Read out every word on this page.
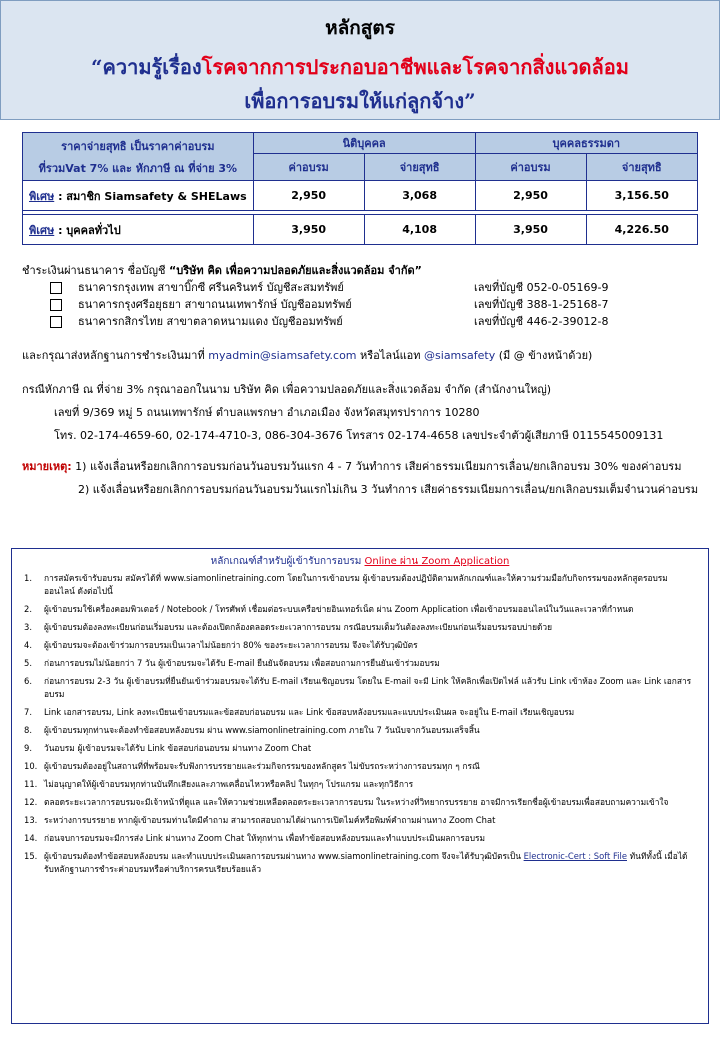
หลักสูตร
“ความรู้เรื่องโรคจากการประกอบอาชีพและโรคจากสิ่งแวดล้อม
เพื่อการอบรมให้แก่ลูกจ้าง”
ราคาจ่ายสุทธิ เป็นราคาค่าอบรม
ที่รวมVat 7% และ หักภาษี ณ ที่จ่าย 3%	นิติบุคคล		บุคคลธรรมดา	
	ค่าอบรม	จ่ายสุทธิ	ค่าอบรม	จ่ายสุทธิ
พิเศษ : สมาชิก Siamsafety & SHELaws	2,950	3,068	2,950	3,156.50

พิเศษ : บุคคลทั่วไป	3,950	4,108	3,950	4,226.50
ชำระเงินผ่านธนาคาร ชื่อบัญชี “บริษัท คิด เพื่อความปลอดภัยและสิ่งแวดล้อม จำกัด”
ธนาคารกรุงเทพ สาขาบิ๊กซี ศรีนครินทร์ บัญชีสะสมทรัพย์	เลขที่บัญชี 052-0-05169-9
ธนาคารกรุงศรีอยุธยา สาขาถนนเทพารักษ์ บัญชีออมทรัพย์	เลขที่บัญชี 388-1-25168-7
ธนาคารกสิกรไทย สาขาตลาดหนามแดง บัญชีออมทรัพย์	เลขที่บัญชี 446-2-39012-8
และกรุณาส่งหลักฐานการชำระเงินมาที่ myadmin@siamsafety.com หรือไลน์แอท @siamsafety (มี @ ข้างหน้าด้วย)
กรณีหักภาษี ณ ที่จ่าย 3% กรุณาออกในนาม บริษัท คิด เพื่อความปลอดภัยและสิ่งแวดล้อม จำกัด (สำนักงานใหญ่)
เลขที่ 9/369 หมู่ 5 ถนนเทพารักษ์ ตำบลแพรกษา อำเภอเมือง จังหวัดสมุทรปราการ 10280
โทร. 02-174-4659-60, 02-174-4710-3, 086-304-3676 โทรสาร 02-174-4658 เลขประจำตัวผู้เสียภาษี 0115545009131
หมายเหตุ: 1) แจ้งเลื่อนหรือยกเลิกการอบรมก่อนวันอบรมวันแรก 4 - 7 วันทำการ เสียค่าธรรมเนียมการเลื่อน/ยกเลิกอบรม 30% ของค่าอบรม
2) แจ้งเลื่อนหรือยกเลิกการอบรมก่อนวันอบรมวันแรกไม่เกิน 3 วันทำการ เสียค่าธรรมเนียมการเลื่อน/ยกเลิกอบรมเต็มจำนวนค่าอบรม
หลักเกณฑ์สำหรับผู้เข้ารับการอบรม Online ผ่าน Zoom Application
1.	การสมัครเข้ารับอบรม สมัครได้ที่ www.siamonlinetraining.com โดยในการเข้าอบรม ผู้เข้าอบรมต้องปฏิบัติตามหลักเกณฑ์และให้ความร่วมมือกับกิจกรรมของหลักสูตรอบรมออนไลน์ ดังต่อไปนี้
2.	ผู้เข้าอบรมใช้เครื่องคอมพิวเตอร์ / Notebook / โทรศัพท์ เชื่อมต่อระบบเครือข่ายอินเทอร์เน็ต ผ่าน Zoom Application เพื่อเข้าอบรมออนไลน์ในวันและเวลาที่กำหนด
3.	ผู้เข้าอบรมต้องลงทะเบียนก่อนเริ่มอบรม และต้องเปิดกล้องตลอดระยะเวลาการอบรม กรณีอบรมเต็มวันต้องลงทะเบียนก่อนเริ่มอบรมรอบบ่ายด้วย
4.	ผู้เข้าอบรมจะต้องเข้าร่วมการอบรมเป็นเวลาไม่น้อยกว่า 80% ของระยะเวลาการอบรม จึงจะได้รับวุฒิบัตร
5.	ก่อนการอบรมไม่น้อยกว่า 7 วัน ผู้เข้าอบรมจะได้รับ E-mail ยืนยันจัดอบรม เพื่อสอบถามการยืนยันเข้าร่วมอบรม
6.	ก่อนการอบรม 2-3 วัน ผู้เข้าอบรมที่ยืนยันเข้าร่วมอบรมจะได้รับ E-mail เรียนเชิญอบรม โดยใน E-mail จะมี Link ให้คลิกเพื่อเปิดไฟล์ แล้วรับ Link เข้าห้อง Zoom และ Link เอกสารอบรม
7.	Link เอกสารอบรม, Link ลงทะเบียนเข้าอบรมและข้อสอบก่อนอบรม และ Link ข้อสอบหลังอบรมและแบบประเมินผล จะอยู่ใน E-mail เรียนเชิญอบรม
8.	ผู้เข้าอบรมทุกท่านจะต้องทำข้อสอบหลังอบรม ผ่าน www.siamonlinetraining.com ภายใน 7 วันนับจากวันอบรมเสร็จสิ้น
9.	วันอบรม ผู้เข้าอบรมจะได้รับ Link ข้อสอบก่อนอบรม ผ่านทาง Zoom Chat
10. ผู้เข้าอบรมต้องอยู่ในสถานที่ที่พร้อมจะรับฟังการบรรยายและร่วมกิจกรรมของหลักสูตร ไม่ขับรถระหว่างการอบรมทุก ๆ กรณี
11. ไม่อนุญาตให้ผู้เข้าอบรมทุกท่านบันทึกเสียงและภาพเคลื่อนไหวหรือคลิป ในทุกๆ โปรแกรม และทุกวิธีการ
12. ตลอดระยะเวลาการอบรมจะมีเจ้าหน้าที่ดูแล และให้ความช่วยเหลือตลอดระยะเวลาการอบรม ในระหว่างที่วิทยากรบรรยาย อาจมีการเรียกชื่อผู้เข้าอบรมเพื่อสอบถามความเข้าใจ
13. ระหว่างการบรรยาย หากผู้เข้าอบรมท่านใดมีคำถาม สามารถสอบถามได้ผ่านการเปิดไมค์หรือพิมพ์คำถามผ่านทาง Zoom Chat
14. ก่อนจบการอบรมจะมีการส่ง Link ผ่านทาง Zoom Chat ให้ทุกท่าน เพื่อทำข้อสอบหลังอบรมและทำแบบประเมินผลการอบรม
15. ผู้เข้าอบรมต้องทำข้อสอบหลังอบรม และทำแบบประเมินผลการอบรมผ่านทาง www.siamonlinetraining.com จึงจะได้รับวุฒิบัตรเป็น Electronic-Cert : Soft File ทันทีทั้งนี้ เมื่อได้รับหลักฐานการชำระค่าอบรมหรือค่าบริการครบเรียบร้อยแล้ว
